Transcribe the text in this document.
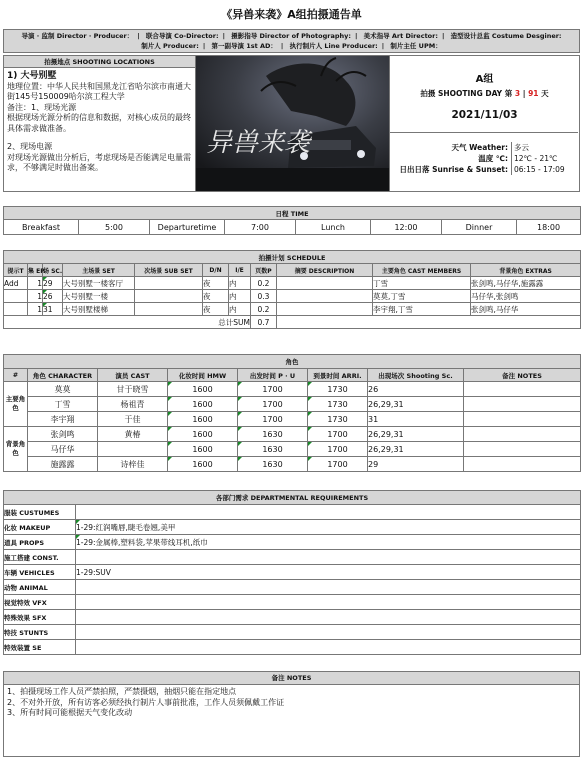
《异兽来袭》A组拍摄通告单
导演 · 监制 Director · Producer： | 联合导演 Co-Director: | 摄影指导 Director of Photography: | 美术指导 Art Director: | 造型设计总监 Costume Desginer:
制片人 Producer: | 第一副导演 1st AD： | 执行制片人 Line Producer: | 制片主任 UPM：
拍摄地点 SHOOTING LOCATIONS
1) 大号别墅
地理位置：中华人民共和国黑龙江省哈尔滨市南通大街145号150009哈尔滨工程大学
备注：1、现场光源
根据现场光源分析的信息和数据，对核心成员的最终具体需求做准备。
2、现场电源
对现场光源做出分析后，考虑现场是否能满足电量需求，不够满足时做出备案。
异兽来袭
A组
拍摄 SHOOTING DAY 第 3 | 91 天
2021/11/03
天气 Weather: 多云
温度 ℃: 12℃ - 21℃
日出日落 Sunrise & Sunset: 06:15 - 17:09
日程 TIME
Breakfast	5:00	Departuretime	7:00	Lunch	12:00	Dinner	18:00
拍摄计划 SCHEDULE										
提示T	集 EP.	场 SC.	主场景 SET	次场景 SUB SET	D/N	I/E	页数P	摘要 DESCRIPTION	主要角色 CAST MEMBERS	背景角色 EXTRAS
Add	1	29	大号别墅一楼客厅		夜	内	0.2		丁雪	张剑鸣,马仔华,施露露
	1	26	大号别墅一楼		夜	内	0.3		莫莫,丁雪	马仔华,张剑鸣
	1	31	大号别墅楼梯		夜	内	0.2		李宇翔,丁雪	张剑鸣,马仔华
总计SUM							0.7			
角色							
#	角色 CHARACTER	演员 CAST	化妆时间 HMW	出发时间 P · U	到景时间 ARRI.	出现场次 Shooting Sc.	备注 NOTES
主要角色	莫莫	甘于晓雪	1600	1700	1730	26	
	丁雪	杨祖青	1600	1700	1730	26,29,31	
	李宇翔	于佳	1600	1700	1730	31	
背景角色	张剑鸣	黄椿	1600	1630	1700	26,29,31	
	马仔华		1600	1630	1700	26,29,31	
	施露露	诗梓佳	1600	1630	1700	29	
各部门需求 DEPARTMENTAL REQUIREMENTS	
服装 CUSTUMES	
化妆 MAKEUP	1-29:红润嘴唇,睫毛卷翘,美甲
道具 PROPS	1-29:金属棒,塑料袋,苹果带线耳机,纸巾
施工搭建 CONST.	
车辆 VEHICLES	1-29:SUV
动物 ANIMAL	
视觉特效 VFX	
特殊效果 SFX	
特技 STUNTS	
特效装置 SE	
备注 NOTES
1、拍摄现场工作人员严禁拍照，严禁摄烟，抽烟只能在指定地点
2、不对外开放，所有访客必须经执行制片人事前批准，工作人员须佩戴工作证
3、所有时间可能根据天气变化改动
